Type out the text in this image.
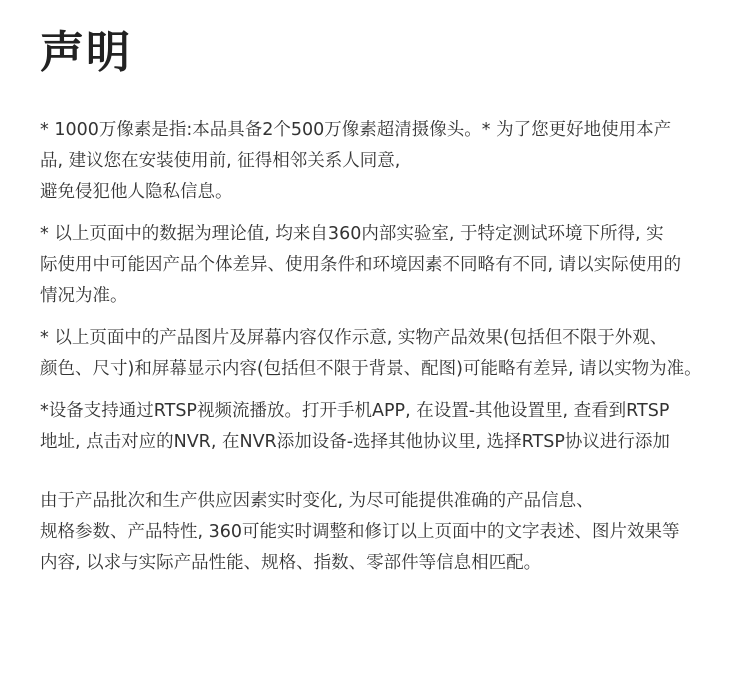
声明
* 1000万像素是指:本品具备2个500万像素超清摄像头。* 为了您更好地使用本产
品, 建议您在安装使用前, 征得相邻关系人同意,
避免侵犯他人隐私信息。
* 以上页面中的数据为理论值, 均来自360内部实验室, 于特定测试环境下所得, 实
际使用中可能因产品个体差异、使用条件和环境因素不同略有不同, 请以实际使用的
情况为准。
* 以上页面中的产品图片及屏幕内容仅作示意, 实物产品效果(包括但不限于外观、
颜色、尺寸)和屏幕显示内容(包括但不限于背景、配图)可能略有差异, 请以实物为准。
*设备支持通过RTSP视频流播放。打开手机APP, 在设置-其他设置里, 查看到RTSP
地址, 点击对应的NVR, 在NVR添加设备-选择其他协议里, 选择RTSP协议进行添加
由于产品批次和生产供应因素实时变化, 为尽可能提供准确的产品信息、
规格参数、产品特性, 360可能实时调整和修订以上页面中的文字表述、图片效果等
内容, 以求与实际产品性能、规格、指数、零部件等信息相匹配。
